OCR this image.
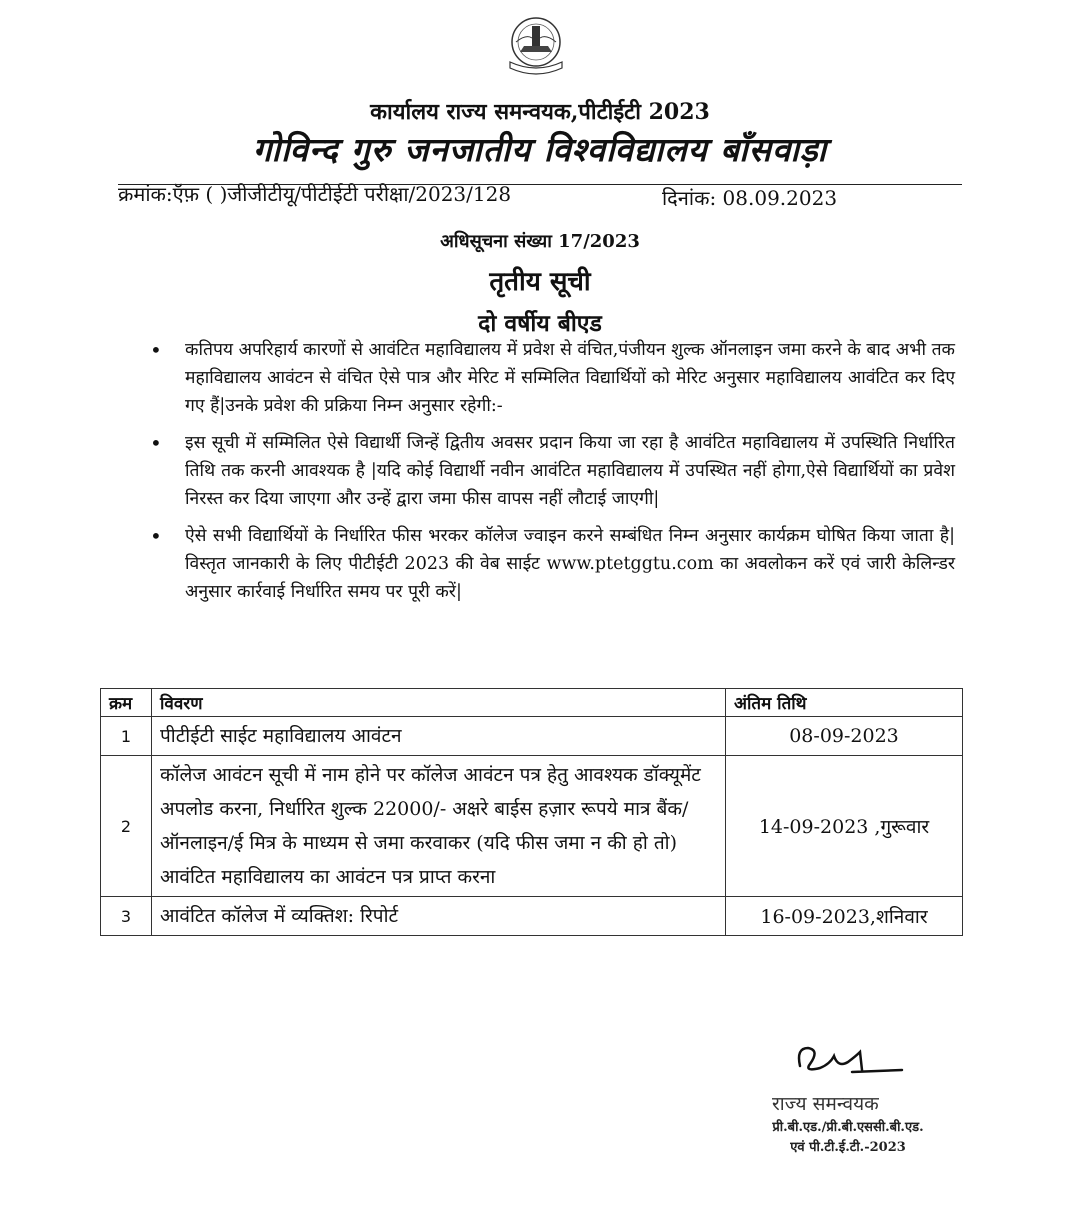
कार्यालय राज्य समन्वयक,पीटीईटी 2023
गोविन्द गुरु जनजातीय विश्वविद्यालय बाँसवाड़ा
क्रमांक:ऍफ़ ( )जीजीटीयू/पीटीईटी परीक्षा/2023/128	दिनांक: 08.09.2023
अधिसूचना संख्या 17/2023
तृतीय सूची
दो वर्षीय बीएड
• कतिपय अपरिहार्य कारणों से आवंटित महाविद्यालय में प्रवेश से वंचित,पंजीयन शुल्क ऑनलाइन जमा करने के बाद अभी तक महाविद्यालय आवंटन से वंचित ऐसे पात्र और मेरिट में सम्मिलित विद्यार्थियों को मेरिट अनुसार महाविद्यालय आवंटित कर दिए गए हैं|उनके प्रवेश की प्रक्रिया निम्न अनुसार रहेगी:-
• इस सूची में सम्मिलित ऐसे विद्यार्थी जिन्हें द्वितीय अवसर प्रदान किया जा रहा है आवंटित महाविद्यालय में उपस्थिति निर्धारित तिथि तक करनी आवश्यक है |यदि कोई विद्यार्थी नवीन आवंटित महाविद्यालय में उपस्थित नहीं होगा,ऐसे विद्यार्थियों का प्रवेश निरस्त कर दिया जाएगा और उन्हें द्वारा जमा फीस वापस नहीं लौटाई जाएगी|
• ऐसे सभी विद्यार्थियों के निर्धारित फीस भरकर कॉलेज ज्वाइन करने सम्बंधित निम्न अनुसार कार्यक्रम घोषित किया जाता है|विस्तृत जानकारी के लिए पीटीईटी 2023 की वेब साईट www.ptetggtu.com का अवलोकन करें एवं जारी केलिन्डर अनुसार कार्रवाई निर्धारित समय पर पूरी करें|
क्रम	विवरण	अंतिम तिथि
1	पीटीईटी साईट महाविद्यालय आवंटन	08-09-2023
2	कॉलेज आवंटन सूची में नाम होने पर कॉलेज आवंटन पत्र हेतु आवश्यक डॉक्यूमेंट अपलोड करना, निर्धारित शुल्क 22000/- अक्षरे बाईस हज़ार रूपये मात्र बैंक/ऑनलाइन/ई मित्र के माध्यम से जमा करवाकर (यदि फीस जमा न की हो तो) आवंटित महाविद्यालय का आवंटन पत्र प्राप्त करना	14-09-2023 ,गुरूवार
3	आवंटित कॉलेज में व्यक्तिश: रिपोर्ट	16-09-2023,शनिवार
राज्य समन्वयक
प्री.बी.एड./प्री.बी.एससी.बी.एड.
एवं पी.टी.ई.टी.-2023
